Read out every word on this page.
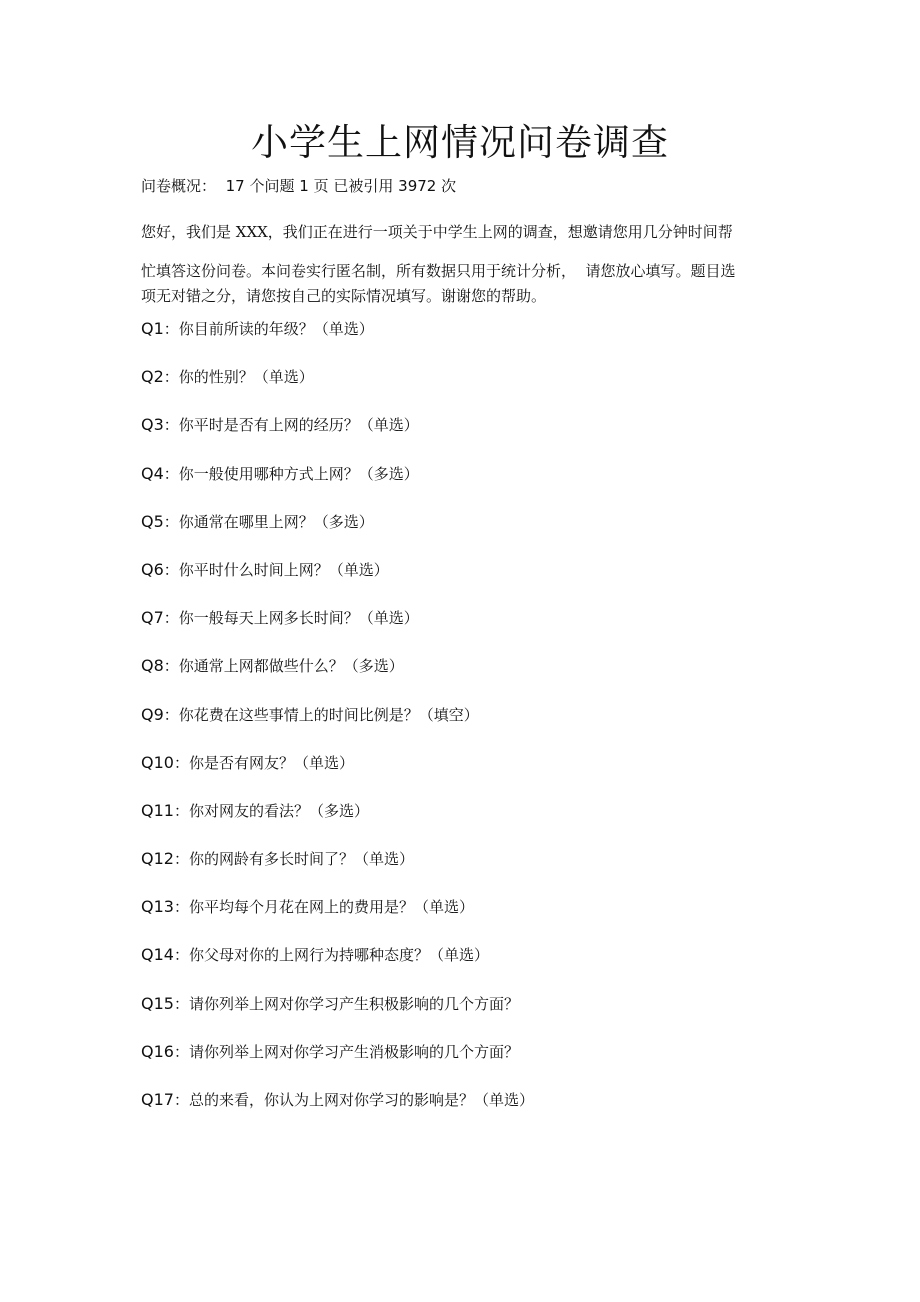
小学生上网情况问卷调查
问卷概况： 17 个问题 1 页 已被引用 3972 次
您好，我们是 XXX，我们正在进行一项关于中学生上网的调查，想邀请您用几分钟时间帮
忙填答这份问卷。本问卷实行匿名制，所有数据只用于统计分析，  请您放心填写。题目选
项无对错之分，请您按自己的实际情况填写。谢谢您的帮助。
Q1：你目前所读的年级？（单选）
Q2：你的性别？（单选）
Q3：你平时是否有上网的经历？（单选）
Q4：你一般使用哪种方式上网？（多选）
Q5：你通常在哪里上网？（多选）
Q6：你平时什么时间上网？（单选）
Q7：你一般每天上网多长时间？（单选）
Q8：你通常上网都做些什么？（多选）
Q9：你花费在这些事情上的时间比例是？（填空）
Q10：你是否有网友？（单选）
Q11：你对网友的看法？（多选）
Q12：你的网龄有多长时间了？（单选）
Q13：你平均每个月花在网上的费用是？（单选）
Q14：你父母对你的上网行为持哪种态度？（单选）
Q15：请你列举上网对你学习产生积极影响的几个方面？
Q16：请你列举上网对你学习产生消极影响的几个方面？
Q17：总的来看，你认为上网对你学习的影响是？（单选）
